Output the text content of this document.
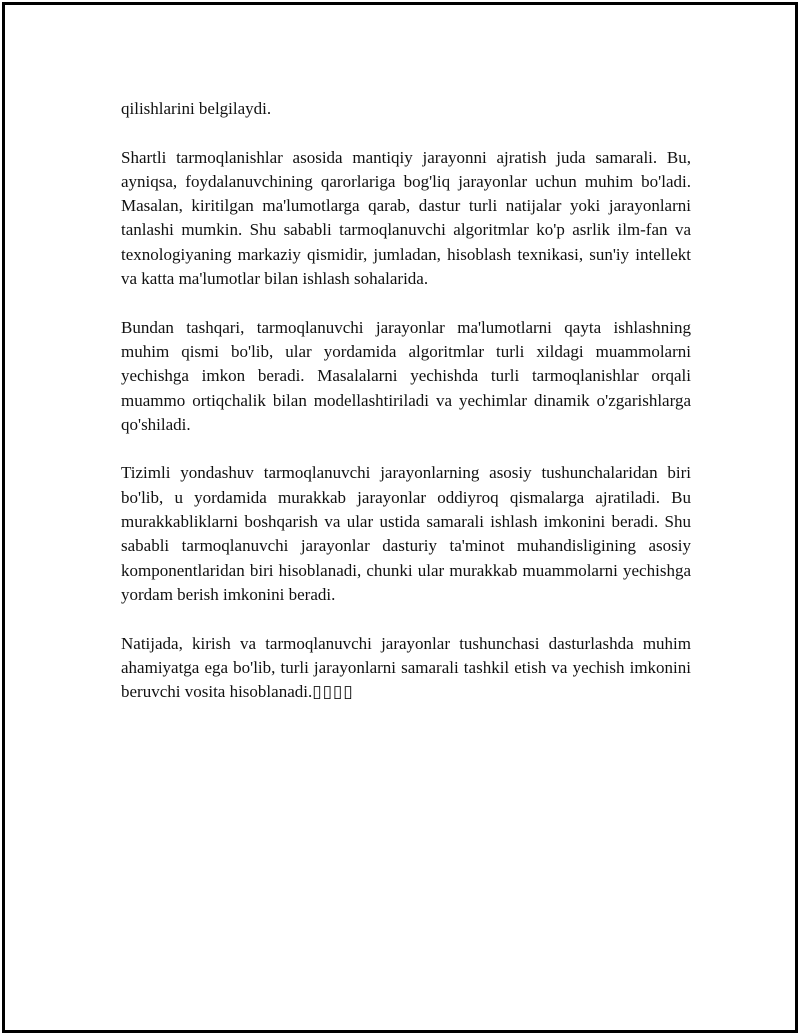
qilishlarini belgilaydi.

Shartli tarmoqlanishlar asosida mantiqiy jarayonni ajratish juda samarali. Bu, ayniqsa, foydalanuvchining qarorlariga bog'liq jarayonlar uchun muhim bo'ladi. Masalan, kiritilgan ma'lumotlarga qarab, dastur turli natijalar yoki jarayonlarni tanlashi mumkin. Shu sababli tarmoqlanuvchi algoritmlar ko'p asrlik ilm-fan va texnologiyaning markaziy qismidir, jumladan, hisoblash texnikasi, sun'iy intellekt va katta ma'lumotlar bilan ishlash sohalarida.

Bundan tashqari, tarmoqlanuvchi jarayonlar ma'lumotlarni qayta ishlashning muhim qismi bo'lib, ular yordamida algoritmlar turli xildagi muammolarni yechishga imkon beradi. Masalalarni yechishda turli tarmoqlanishlar orqali muammo ortiqchalik bilan modellashtiriladi va yechimlar dinamik o'zgarishlarga qo'shiladi.

Tizimli yondashuv tarmoqlanuvchi jarayonlarning asosiy tushunchalaridan biri bo'lib, u yordamida murakkab jarayonlar oddiyroq qismalarga ajratiladi. Bu murakkabliklarni boshqarish va ular ustida samarali ishlash imkonini beradi. Shu sababli tarmoqlanuvchi jarayonlar dasturiy ta'minot muhandisligining asosiy komponentlaridan biri hisoblanadi, chunki ular murakkab muammolarni yechishga yordam berish imkonini beradi.

Natijada, kirish va tarmoqlanuvchi jarayonlar tushunchasi dasturlashda muhim ahamiyatga ega bo'lib, turli jarayonlarni samarali tashkil etish va yechish imkonini beruvchi vosita hisoblanadi.▯▯▯▯
